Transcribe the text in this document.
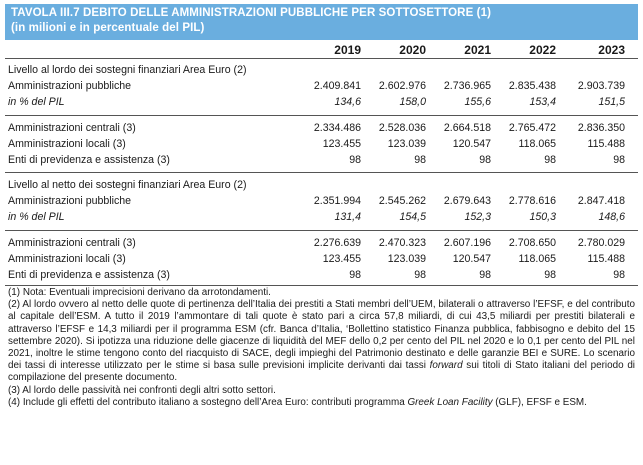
TAVOLA III.7 DEBITO DELLE AMMINISTRAZIONI PUBBLICHE PER SOTTOSETTORE (1)
(in milioni e in percentuale del PIL)
2019	2020	2021	2022	2023
Livello al lordo dei sostegni finanziari Area Euro (2)
Amministrazioni pubbliche	2.409.841	2.602.976	2.736.965	2.835.438	2.903.739
in % del PIL	134,6	158,0	155,6	153,4	151,5
Amministrazioni centrali (3)	2.334.486	2.528.036	2.664.518	2.765.472	2.836.350
Amministrazioni locali (3)	123.455	123.039	120.547	118.065	115.488
Enti di previdenza e assistenza (3)	98	98	98	98	98
Livello al netto dei sostegni finanziari Area Euro (2)
Amministrazioni pubbliche	2.351.994	2.545.262	2.679.643	2.778.616	2.847.418
in % del PIL	131,4	154,5	152,3	150,3	148,6
Amministrazioni centrali (3)	2.276.639	2.470.323	2.607.196	2.708.650	2.780.029
Amministrazioni locali (3)	123.455	123.039	120.547	118.065	115.488
Enti di previdenza e assistenza (3)	98	98	98	98	98

(1) Nota: Eventuali imprecisioni derivano da arrotondamenti.

(2) Al lordo ovvero al netto delle quote di pertinenza dell’Italia dei prestiti a Stati membri dell’UEM, bilaterali o attraverso l’EFSF, e del contributo al capitale dell’ESM. A tutto il 2019 l’ammontare di tali quote è stato pari a circa 57,8 miliardi, di cui 43,5 miliardi per prestiti bilaterali e attraverso l’EFSF e 14,3 miliardi per il programma ESM (cfr. Banca d’Italia, ‘Bollettino statistico Finanza pubblica, fabbisogno e debito del 15 settembre 2020). Si ipotizza una riduzione delle giacenze di liquidità del MEF dello 0,2 per cento del PIL nel 2020 e lo 0,1 per cento del PIL nel 2021, inoltre le stime tengono conto del riacquisto di SACE, degli impieghi del Patrimonio destinato e delle garanzie BEI e SURE. Lo scenario dei tassi di interesse utilizzato per le stime si basa sulle previsioni implicite derivanti dai tassi forward sui titoli di Stato italiani del periodo di compilazione del presente documento.

(3) Al lordo delle passività nei confronti degli altri sotto settori.

(4) Include gli effetti del contributo italiano a sostegno dell’Area Euro: contributi programma Greek Loan Facility (GLF), EFSF e ESM.
